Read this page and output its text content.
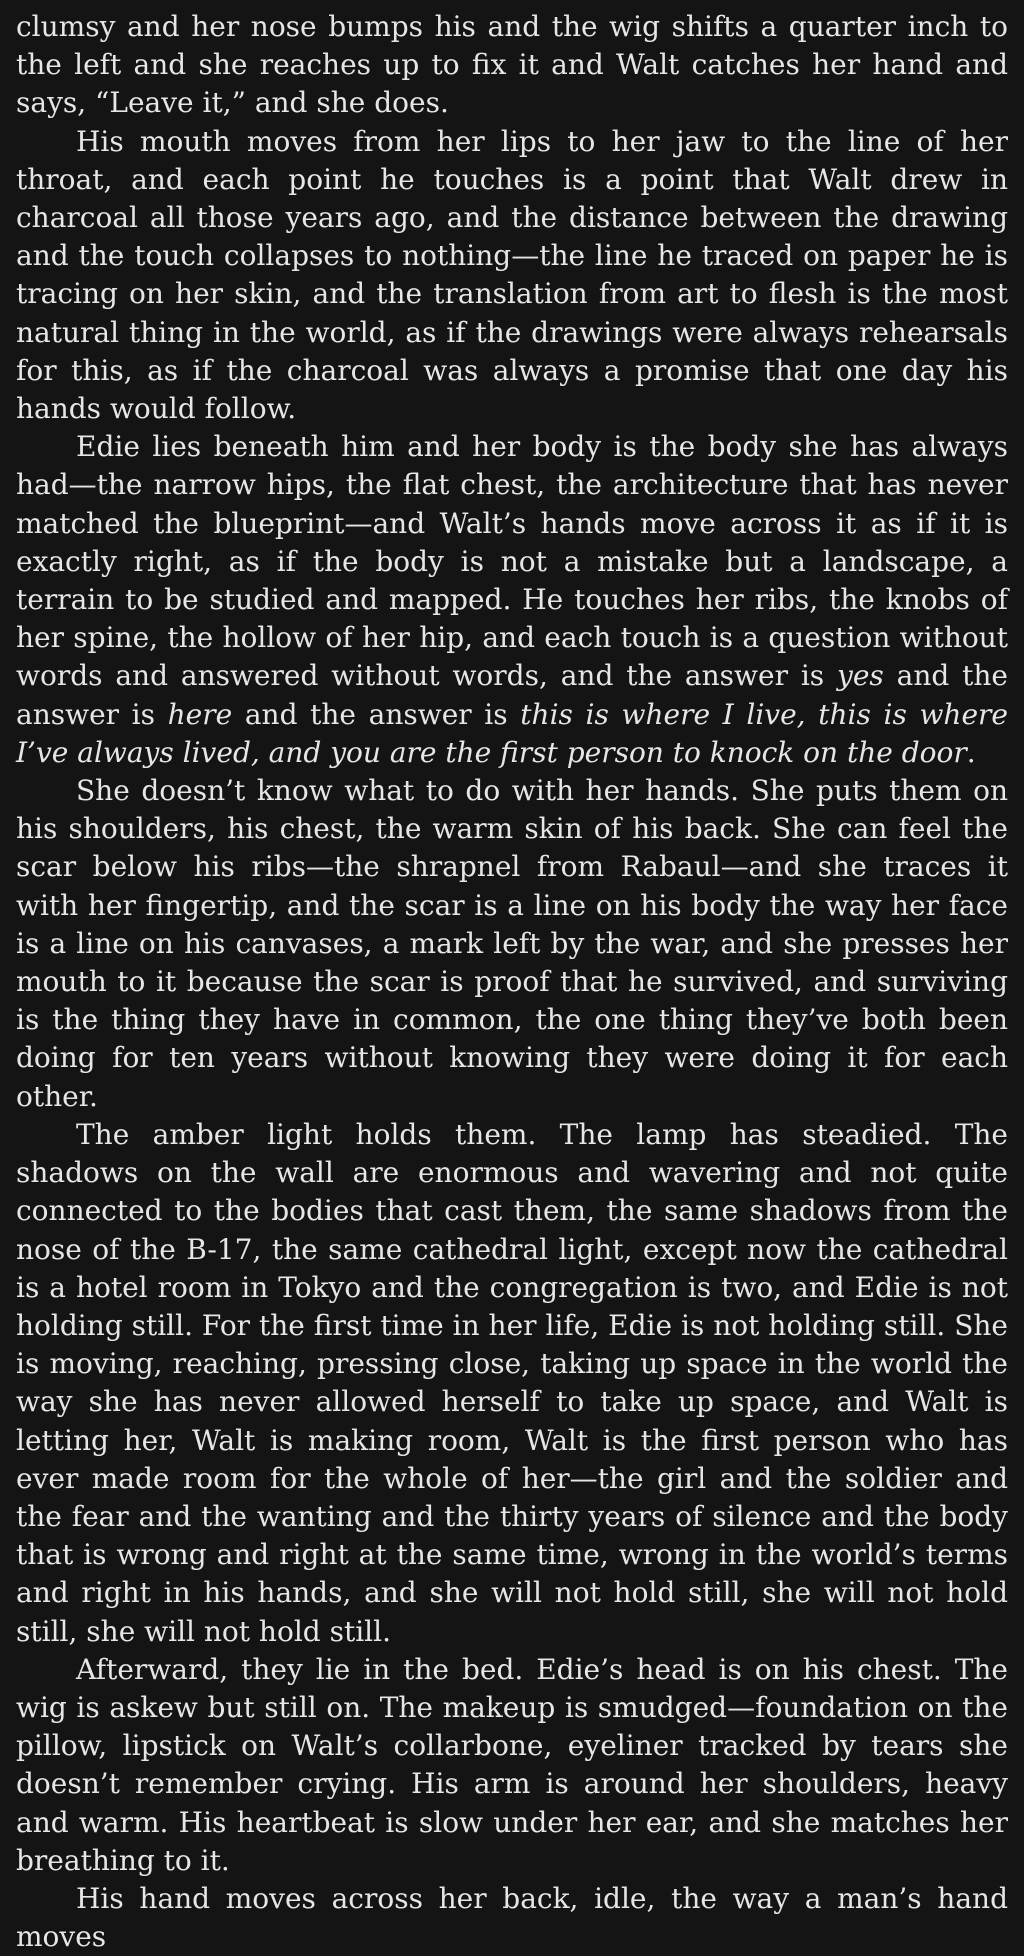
clumsy and her nose bumps his and the wig shifts a quarter inch to the left and she reaches up to fix it and Walt catches her hand and says, “Leave it,” and she does.

His mouth moves from her lips to her jaw to the line of her throat, and each point he touches is a point that Walt drew in charcoal all those years ago, and the distance between the drawing and the touch collapses to nothing—the line he traced on paper he is tracing on her skin, and the translation from art to flesh is the most natural thing in the world, as if the drawings were always rehearsals for this, as if the charcoal was always a promise that one day his hands would follow.

Edie lies beneath him and her body is the body she has always had—the narrow hips, the flat chest, the architecture that has never matched the blueprint—and Walt’s hands move across it as if it is exactly right, as if the body is not a mistake but a landscape, a terrain to be studied and mapped. He touches her ribs, the knobs of her spine, the hollow of her hip, and each touch is a question without words and answered without words, and the answer is yes and the answer is here and the answer is this is where I live, this is where I’ve always lived, and you are the first person to knock on the door.

She doesn’t know what to do with her hands. She puts them on his shoulders, his chest, the warm skin of his back. She can feel the scar below his ribs—the shrapnel from Rabaul—and she traces it with her fingertip, and the scar is a line on his body the way her face is a line on his canvases, a mark left by the war, and she presses her mouth to it because the scar is proof that he survived, and surviving is the thing they have in common, the one thing they’ve both been doing for ten years without knowing they were doing it for each other.

The amber light holds them. The lamp has steadied. The shadows on the wall are enormous and wavering and not quite connected to the bodies that cast them, the same shadows from the nose of the B-17, the same cathedral light, except now the cathedral is a hotel room in Tokyo and the congregation is two, and Edie is not holding still. For the first time in her life, Edie is not holding still. She is moving, reaching, pressing close, taking up space in the world the way she has never allowed herself to take up space, and Walt is letting her, Walt is making room, Walt is the first person who has ever made room for the whole of her—the girl and the soldier and the fear and the wanting and the thirty years of silence and the body that is wrong and right at the same time, wrong in the world’s terms and right in his hands, and she will not hold still, she will not hold still, she will not hold still.

Afterward, they lie in the bed. Edie’s head is on his chest. The wig is askew but still on. The makeup is smudged—foundation on the pillow, lipstick on Walt’s collarbone, eyeliner tracked by tears she doesn’t remember crying. His arm is around her shoulders, heavy and warm. His heartbeat is slow under her ear, and she matches her breathing to it.

His hand moves across her back, idle, the way a man’s hand moves
